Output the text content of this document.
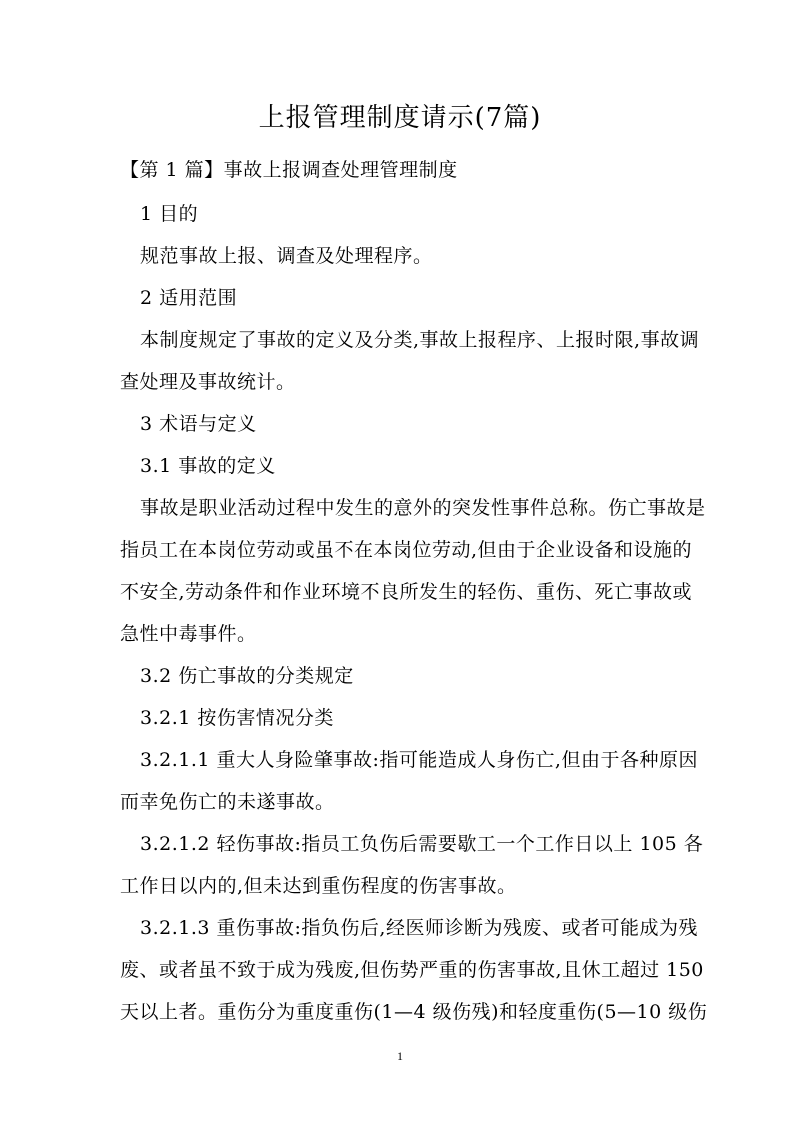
上报管理制度请示(7篇)
【第 1 篇】事故上报调查处理管理制度
1 目的
规范事故上报、调查及处理程序。
2 适用范围
本制度规定了事故的定义及分类,事故上报程序、上报时限,事故调
查处理及事故统计。
3 术语与定义
3.1 事故的定义
事故是职业活动过程中发生的意外的突发性事件总称。伤亡事故是
指员工在本岗位劳动或虽不在本岗位劳动,但由于企业设备和设施的
不安全,劳动条件和作业环境不良所发生的轻伤、重伤、死亡事故或
急性中毒事件。
3.2 伤亡事故的分类规定
3.2.1 按伤害情况分类
3.2.1.1 重大人身险肇事故:指可能造成人身伤亡,但由于各种原因
而幸免伤亡的未遂事故。
3.2.1.2 轻伤事故:指员工负伤后需要歇工一个工作日以上 105 各
工作日以内的,但未达到重伤程度的伤害事故。
3.2.1.3 重伤事故:指负伤后,经医师诊断为残废、或者可能成为残
废、或者虽不致于成为残废,但伤势严重的伤害事故,且休工超过 150
天以上者。重伤分为重度重伤(1—4 级伤残)和轻度重伤(5—10 级伤
1
